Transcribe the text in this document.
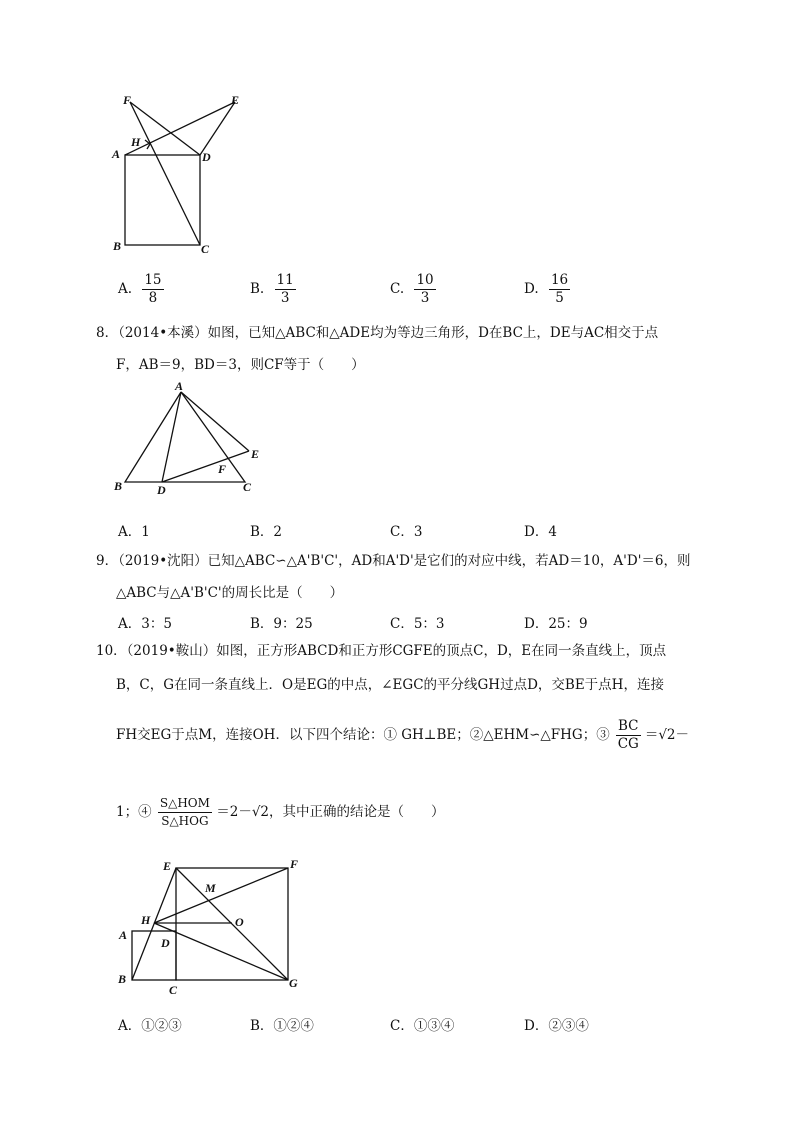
F	E
H
A	D
B	C
A. $\frac{15}{8}$	B. $\frac{11}{3}$	C. $\frac{10}{3}$	D. $\frac{16}{5}$
8．（2014•本溪）如图，已知△ABC和△ADE均为等边三角形，D在BC上，DE与AC相交于点
F，AB＝9，BD＝3，则CF等于（　　）
A
E
F
B	D	C
A．1	B．2	C．3	D．4
9．（2019•沈阳）已知△ABC∽△A'B'C'，AD和A'D'是它们的对应中线，若AD＝10，A'D'＝6，则
△ABC与△A'B'C'的周长比是（　　）
A．3：5	B．9：25	C．5：3	D．25：9
10．（2019•鞍山）如图，正方形ABCD和正方形CGFE的顶点C，D，E在同一条直线上，顶点
B，C，G在同一条直线上．O是EG的中点，∠EGC的平分线GH过点D，交BE于点H，连接
FH交EG于点M，连接OH．以下四个结论：① GH⊥BE；②△EHM∽△FHG；③ $\frac{BC}{CG} =√2-$
1；④ $\frac{\text{S△HOM}}{\text{S△HOG}} =2-√2$，其中正确的结论是（　　）
E	F
M
H	O
A
D
B
C	G
A．①②③	B．①②④	C．①③④	D．②③④
